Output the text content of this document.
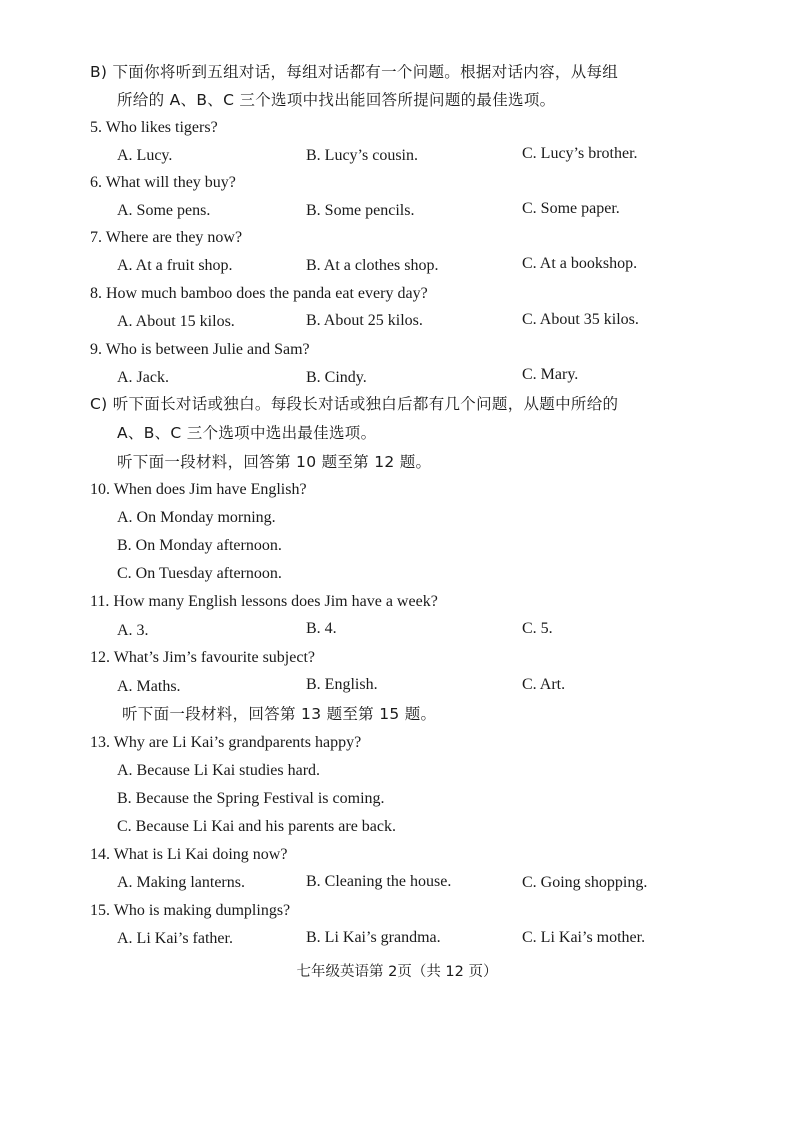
B) 下面你将听到五组对话，每组对话都有一个问题。根据对话内容，从每组
所给的 A、B、C 三个选项中找出能回答所提问题的最佳选项。
5. Who likes tigers?
A. Lucy.	B. Lucy’s cousin.	C. Lucy’s brother.
6. What will they buy?
A. Some pens.	B. Some pencils.	C. Some paper.
7. Where are they now?
A. At a fruit shop.	B. At a clothes shop.	C. At a bookshop.
8. How much bamboo does the panda eat every day?
A. About 15 kilos.	B. About 25 kilos.	C. About 35 kilos.
9. Who is between Julie and Sam?
A. Jack.	B. Cindy.	C. Mary.
C) 听下面长对话或独白。每段长对话或独白后都有几个问题，从题中所给的
A、B、C 三个选项中选出最佳选项。
听下面一段材料，回答第 10 题至第 12 题。
10. When does Jim have English?
A. On Monday morning.
B. On Monday afternoon.
C. On Tuesday afternoon.
11. How many English lessons does Jim have a week?
A. 3.	B. 4.	C. 5.
12. What’s Jim’s favourite subject?
A. Maths.	B. English.	C. Art.
听下面一段材料，回答第 13 题至第 15 题。
13. Why are Li Kai’s grandparents happy?
A. Because Li Kai studies hard.
B. Because the Spring Festival is coming.
C. Because Li Kai and his parents are back.
14. What is Li Kai doing now?
A. Making lanterns.	B. Cleaning the house.	C. Going shopping.
15. Who is making dumplings?
A. Li Kai’s father.	B. Li Kai’s grandma.	C. Li Kai’s mother.
七年级英语第 2页（共 12 页）
